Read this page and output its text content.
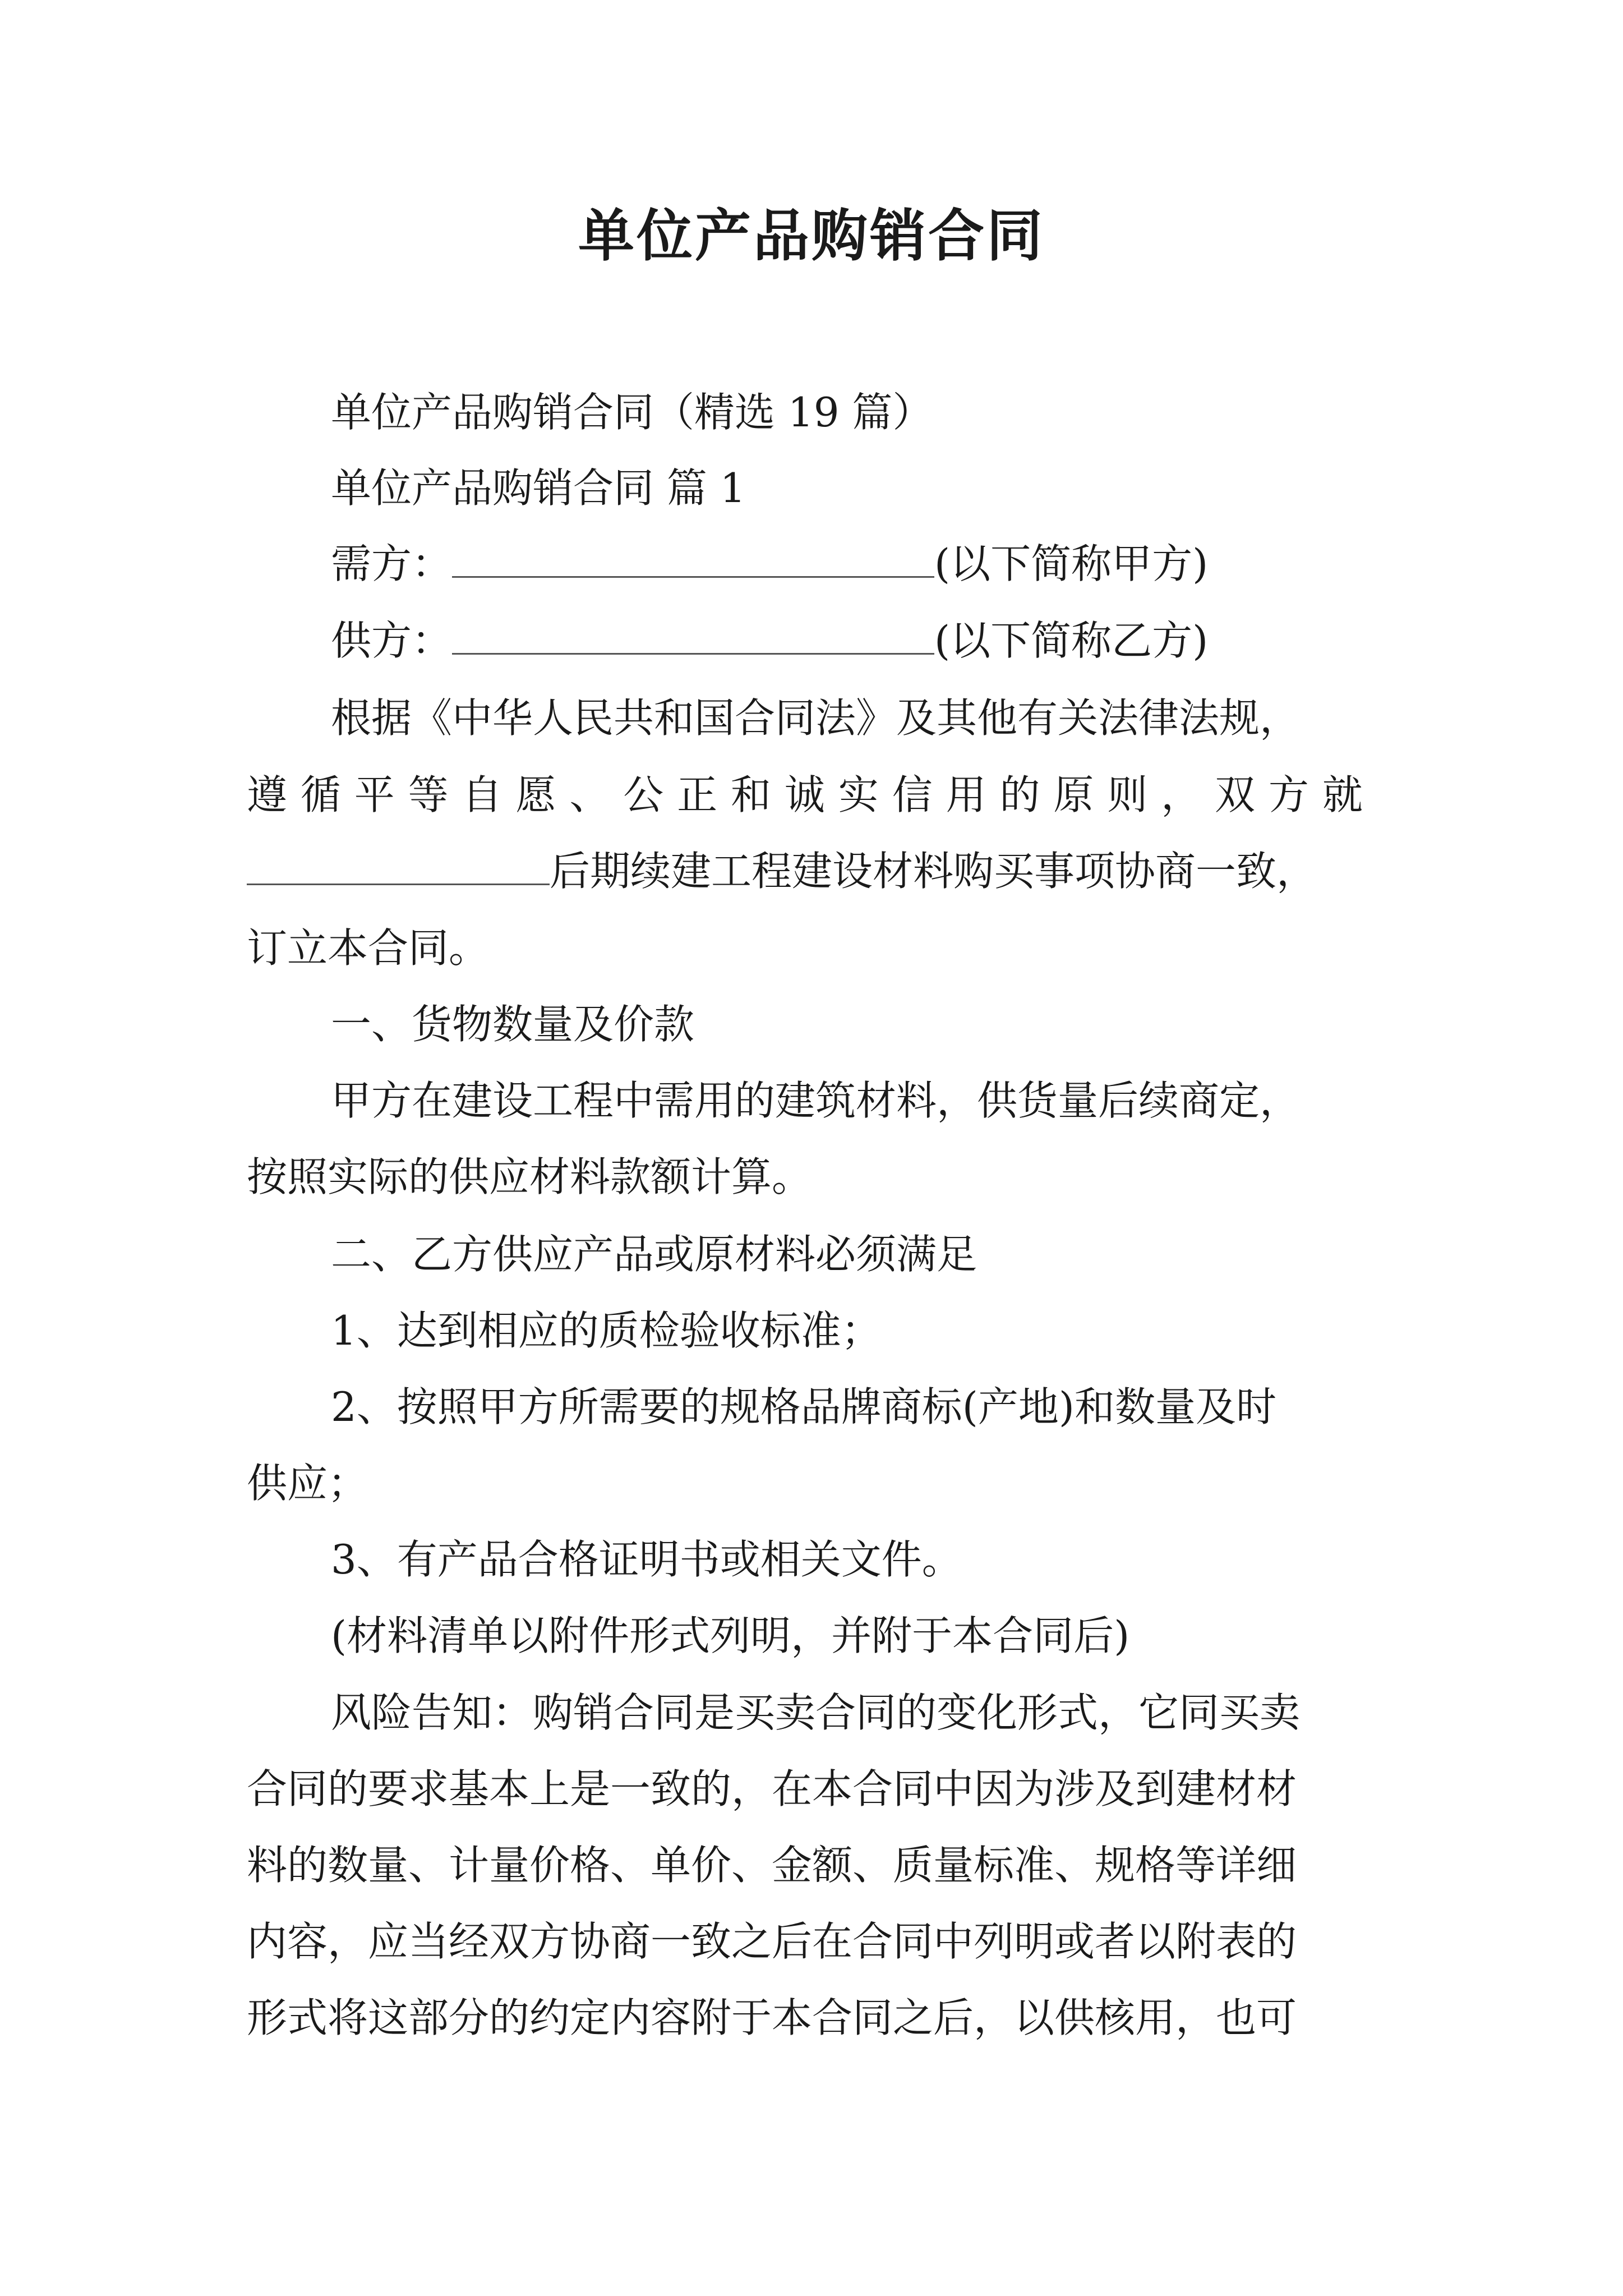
单位产品购销合同
单位产品购销合同（精选 19 篇）
单位产品购销合同 篇 1
需方：	(以下简称甲方)
供方：	(以下简称乙方)
根据《中华人民共和国合同法》及其他有关法律法规，
遵 循 平 等 自 愿 、 公 正 和 诚 实 信 用 的 原 则 ， 双 方 就
后期续建工程建设材料购买事项协商一致，
订立本合同。
一、货物数量及价款
甲方在建设工程中需用的建筑材料，供货量后续商定，
按照实际的供应材料款额计算。
二、乙方供应产品或原材料必须满足
1、达到相应的质检验收标准；
2、按照甲方所需要的规格品牌商标(产地)和数量及时
供应；
3、有产品合格证明书或相关文件。
(材料清单以附件形式列明，并附于本合同后)
风险告知：购销合同是买卖合同的变化形式，它同买卖
合同的要求基本上是一致的，在本合同中因为涉及到建材材
料的数量、计量价格、单价、金额、质量标准、规格等详细
内容，应当经双方协商一致之后在合同中列明或者以附表的
形式将这部分的约定内容附于本合同之后，以供核用，也可
